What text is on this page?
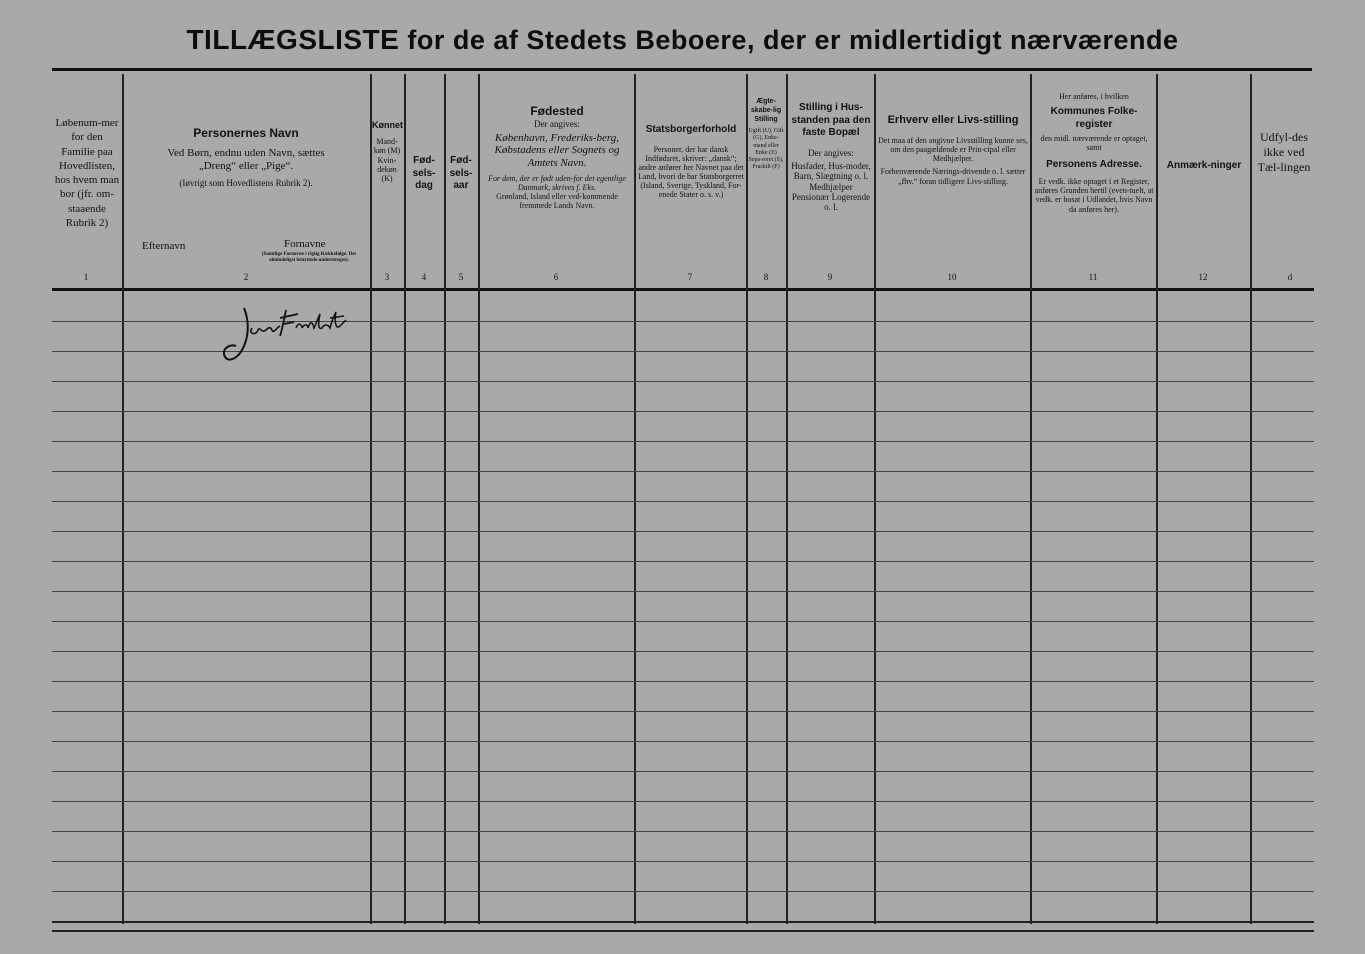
TILLÆGSLISTE for de af Stedets Beboere, der er midlertidigt nærværende
Løbenum-mer for den Familie paa Hovedlisten, hos hvem man bor (jfr. om-staaende Rubrik 2)
Personernes Navn
Ved Børn, endnu uden Navn, sættes
„Dreng“ eller „Pige“.
(Iøvrigt som Hovedlistens Rubrik 2).
Efternavn	Fornavne
(Samtlige Fornavne i rigtig Rækkefølge. Det almindeligst benyttede understreges).
Kønnet
Mand-køn (M) Kvin-dekøn (K)
Fød-sels-dag
Fød-sels-aar
Fødested
Der angives:
København, Frederiks-berg, Købstadens eller Sognets og Amtets Navn.
For dem, der er født uden-for det egentlige Danmark, skrives f. Eks.
Grønland, Island eller ved-kommende fremmede Lands Navn.
Statsborgerforhold
Personer, der har dansk Indfødsret, skriver: „dansk“; andre anfører her Navnet paa det Land, hvori de har Statsborgerret (Island, Sverige, Tyskland, For-enede Stater o. s. v.)
Ægte-skabe-lig Stilling
Ugift (U), Gift (G), Enke-mand eller Enke (E) Sepa-reret (S), Fraskilt (F)
Stilling i Hus-standen paa den faste Bopæl
Der angives:
Husfader, Hus-moder, Barn, Slægtning o. l. Medhjælper Pensionær Logerende o. l.
Erhverv eller Livs-stilling
Det maa af den angivne Livsstilling kunne ses, om den paagældende er Prin-cipal eller Medhjælper.
Forhenværende Nærings-drivende o. l. sætter „fhv.“ foran tidligere Livs-stilling.
Her anføres, i hvilken
Kommunes Folke-register
den midl. nærværende er optaget, samt
Personens Adresse.
Er vedk. ikke optaget i et Register, anføres Grunden hertil (even-tuelt, at vedk. er bosat i Udlandet, hvis Navn da anføres her).
Anmærk-ninger
Udfyl-des ikke ved Tæl-lingen
1	2	3	4	5	6	7	8	9	10	11	12	d
Jens Frederik
